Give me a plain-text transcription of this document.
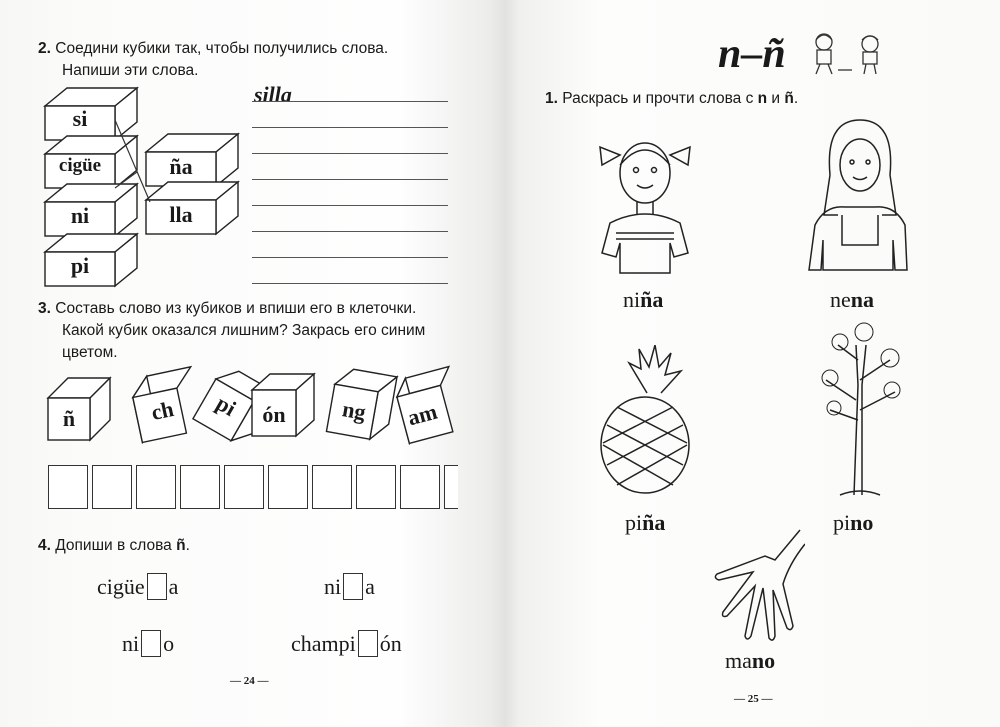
2. Соедини кубики так, чтобы получились слова.
Напиши эти слова.
si
cigüe
ni
pi
ña
lla
silla
3. Составь слово из кубиков и впиши его в клеточки.
Какой кубик оказался лишним? Закрась его синим
цветом.
ñ	ch	pi ón	ng	am
4. Допиши в слова ñ.
cigüe a	ni a
ni o	champi ón
— 24 —
n–ñ
1. Раскрась и прочти слова с n и ñ.
niña	nena
piña	pino
mano
— 25 —
